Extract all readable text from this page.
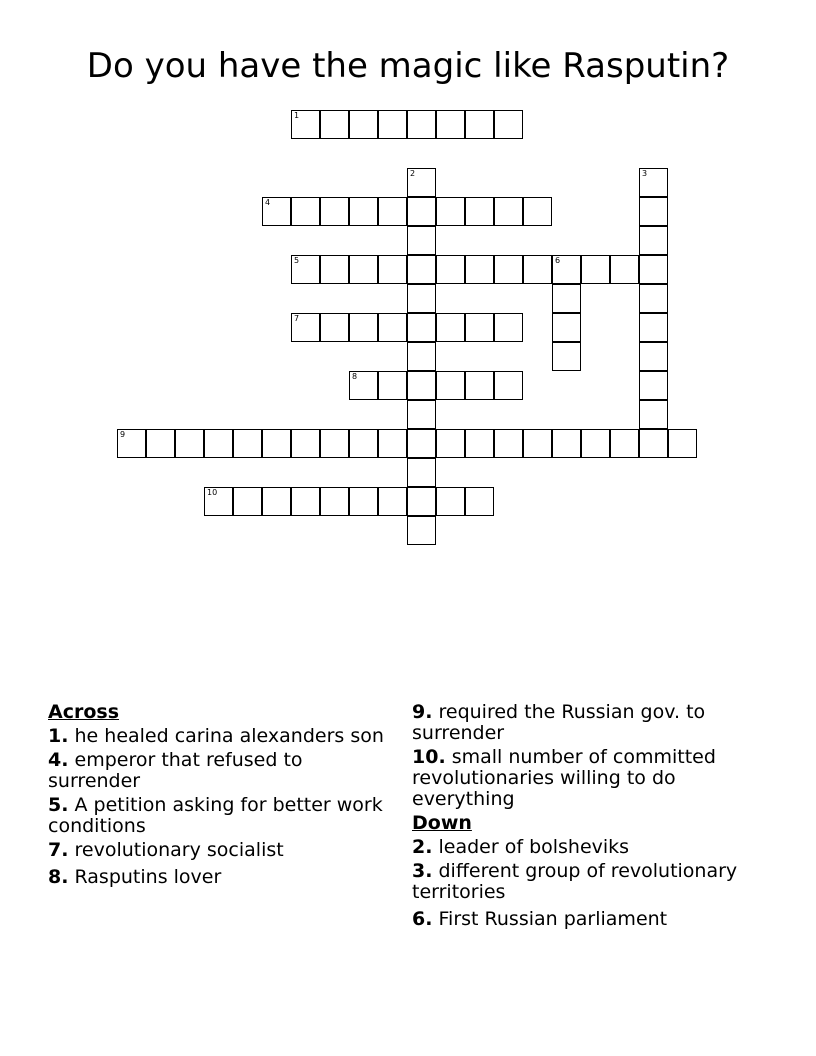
Do you have the magic like Rasputin?
1
2	3
4
5	6
7
8
9
10
Across
1. he healed carina alexanders son
4. emperor that refused to surrender
5. A petition asking for better work conditions
7. revolutionary socialist
8. Rasputins lover
9. required the Russian gov. to surrender
10. small number of committed revolutionaries willing to do everything
Down
2. leader of bolsheviks
3. different group of revolutionary territories
6. First Russian parliament
